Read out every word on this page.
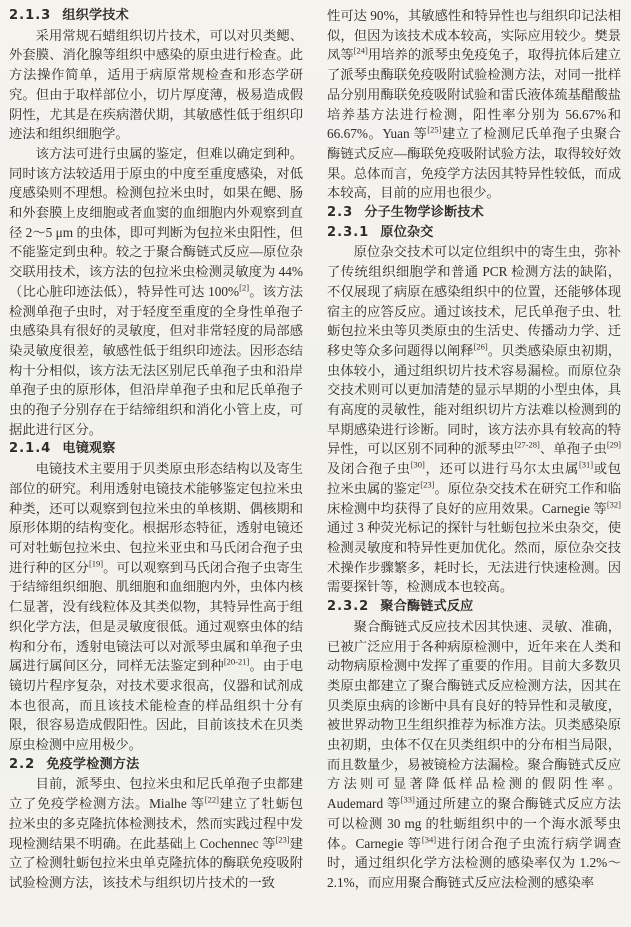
2.1.3 组织学技术
采用常规石蜡组织切片技术，可以对贝类鳃、外套膜、消化腺等组织中感染的原虫进行检查。此方法操作简单，适用于病原常规检查和形态学研究。但由于取样部位小，切片厚度薄，极易造成假阴性，尤其是在疾病潜伏期，其敏感性低于组织印迹法和组织细胞学。
该方法可进行虫属的鉴定，但难以确定到种。同时该方法较适用于原虫的中度至重度感染，对低度感染则不理想。检测包拉米虫时，如果在鳃、肠和外套膜上皮细胞或者血窦的血细胞内外观察到直径 2～5 μm 的虫体，即可判断为包拉米虫阳性，但不能鉴定到虫种。较之于聚合酶链式反应—原位杂交联用技术，该方法的包拉米虫检测灵敏度为 44%（比心脏印迹法低），特异性可达 100%[2]。该方法检测单孢子虫时，对于轻度至重度的全身性单孢子虫感染具有很好的灵敏度，但对非常轻度的局部感染灵敏度很差，敏感性低于组织印迹法。因形态结构十分相似，该方法无法区别尼氏单孢子虫和沿岸单孢子虫的原形体，但沿岸单孢子虫和尼氏单孢子虫的孢子分别存在于结缔组织和消化小管上皮，可据此进行区分。
2.1.4 电镜观察
电镜技术主要用于贝类原虫形态结构以及寄生部位的研究。利用透射电镜技术能够鉴定包拉米虫种类，还可以观察到包拉米虫的单核期、偶核期和原形体期的结构变化。根据形态特征，透射电镜还可对牡蛎包拉米虫、包拉米亚虫和马氏闭合孢子虫进行种的区分[19]。可以观察到马氏闭合孢子虫寄生于结缔组织细胞、肌细胞和血细胞内外，虫体内核仁显著，没有线粒体及其类似物，其特异性高于组织化学方法，但是灵敏度很低。通过观察虫体的结构和分布，透射电镜法可以对派琴虫属和单孢子虫属进行属间区分，同样无法鉴定到种[20-21]。由于电镜切片程序复杂，对技术要求很高，仪器和试剂成本也很高，而且该技术能检查的样品组织十分有限，很容易造成假阳性。因此，目前该技术在贝类原虫检测中应用极少。
2.2 免疫学检测方法
目前，派琴虫、包拉米虫和尼氏单孢子虫都建立了免疫学检测方法。Mialhe 等[22]建立了牡蛎包拉米虫的多克隆抗体检测技术，然而实践过程中发现检测结果不明确。在此基础上 Cochennec 等[23]建立了检测牡蛎包拉米虫单克隆抗体的酶联免疫吸附试验检测方法，该技术与组织切片技术的一致
性可达 90%，其敏感性和特异性也与组织印记法相似，但因为该技术成本较高，实际应用较少。樊景凤等[24]用培养的派琴虫免疫兔子，取得抗体后建立了派琴虫酶联免疫吸附试验检测方法，对同一批样品分别用酶联免疫吸附试验和雷氏液体巯基醋酸盐培养基方法进行检测，阳性率分别为 56.67%和 66.67%。Yuan 等[25]建立了检测尼氏单孢子虫聚合酶链式反应—酶联免疫吸附试验方法，取得较好效果。总体而言，免疫学方法因其特异性较低，而成本较高，目前的应用也很少。
2.3 分子生物学诊断技术
2.3.1 原位杂交
原位杂交技术可以定位组织中的寄生虫，弥补了传统组织细胞学和普通 PCR 检测方法的缺陷，不仅展现了病原在感染组织中的位置，还能够体现宿主的应答反应。通过该技术，尼氏单孢子虫、牡蛎包拉米虫等贝类原虫的生活史、传播动力学、迁移史等众多问题得以阐释[26]。贝类感染原虫初期，虫体较小，通过组织切片技术容易漏检。而原位杂交技术则可以更加清楚的显示早期的小型虫体，具有高度的灵敏性，能对组织切片方法难以检测到的早期感染进行诊断。同时，该方法亦具有较高的特异性，可以区别不同种的派琴虫[27-28]、单孢子虫[29]及闭合孢子虫[30]，还可以进行马尔太虫属[31]或包拉米虫属的鉴定[23]。原位杂交技术在研究工作和临床检测中均获得了良好的应用效果。Carnegie 等[32]通过 3 种荧光标记的探针与牡蛎包拉米虫杂交，使检测灵敏度和特异性更加优化。然而，原位杂交技术操作步骤繁多，耗时长，无法进行快速检测。因需要探针等，检测成本也较高。
2.3.2 聚合酶链式反应
聚合酶链式反应技术因其快速、灵敏、准确，已被广泛应用于各种病原检测中，近年来在人类和动物病原检测中发挥了重要的作用。目前大多数贝类原虫都建立了聚合酶链式反应检测方法，因其在贝类原虫病的诊断中具有良好的特异性和灵敏度，被世界动物卫生组织推荐为标准方法。贝类感染原虫初期，虫体不仅在贝类组织中的分布相当局限，而且数量少，易被镜检方法漏检。聚合酶链式反应方法则可显著降低样品检测的假阴性率。Audemard 等[33]通过所建立的聚合酶链式反应方法可以检测 30 mg 的牡蛎组织中的一个海水派琴虫体。Carnegie 等[34]进行闭合孢子虫流行病学调查时，通过组织化学方法检测的感染率仅为 1.2%～2.1%，而应用聚合酶链式反应法检测的感染率
